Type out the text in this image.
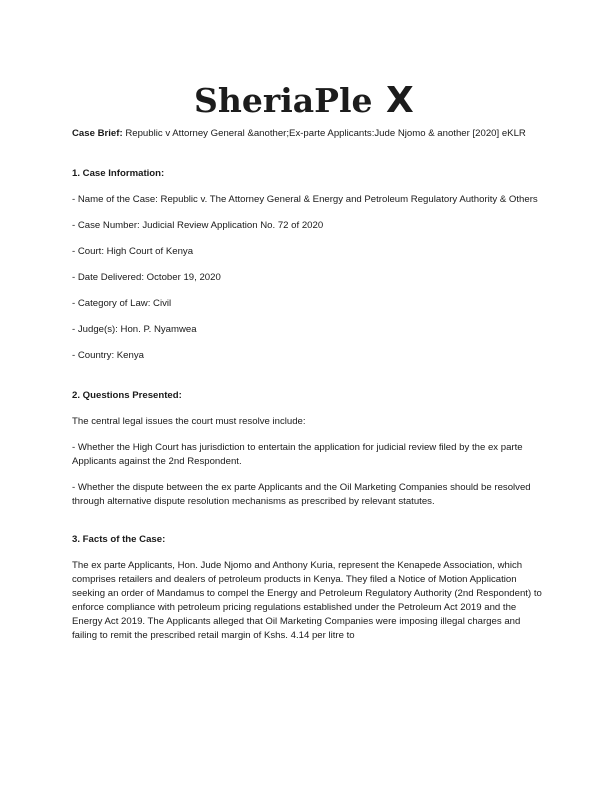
SheriaPle X

Case Brief: Republic v Attorney General &another;Ex-parte Applicants:Jude Njomo & another [2020] eKLR

1. Case Information:
- Name of the Case: Republic v. The Attorney General & Energy and Petroleum Regulatory Authority & Others
- Case Number: Judicial Review Application No. 72 of 2020
- Court: High Court of Kenya
- Date Delivered: October 19, 2020
- Category of Law: Civil
- Judge(s): Hon. P. Nyamwea
- Country: Kenya
2. Questions Presented:
The central legal issues the court must resolve include:
- Whether the High Court has jurisdiction to entertain the application for judicial review filed by the ex parte Applicants against the 2nd Respondent.
- Whether the dispute between the ex parte Applicants and the Oil Marketing Companies should be resolved through alternative dispute resolution mechanisms as prescribed by relevant statutes.
3. Facts of the Case:
The ex parte Applicants, Hon. Jude Njomo and Anthony Kuria, represent the Kenapede Association, which comprises retailers and dealers of petroleum products in Kenya. They filed a Notice of Motion Application seeking an order of Mandamus to compel the Energy and Petroleum Regulatory Authority (2nd Respondent) to enforce compliance with petroleum pricing regulations established under the Petroleum Act 2019 and the Energy Act 2019. The Applicants alleged that Oil Marketing Companies were imposing illegal charges and failing to remit the prescribed retail margin of Kshs. 4.14 per litre to
